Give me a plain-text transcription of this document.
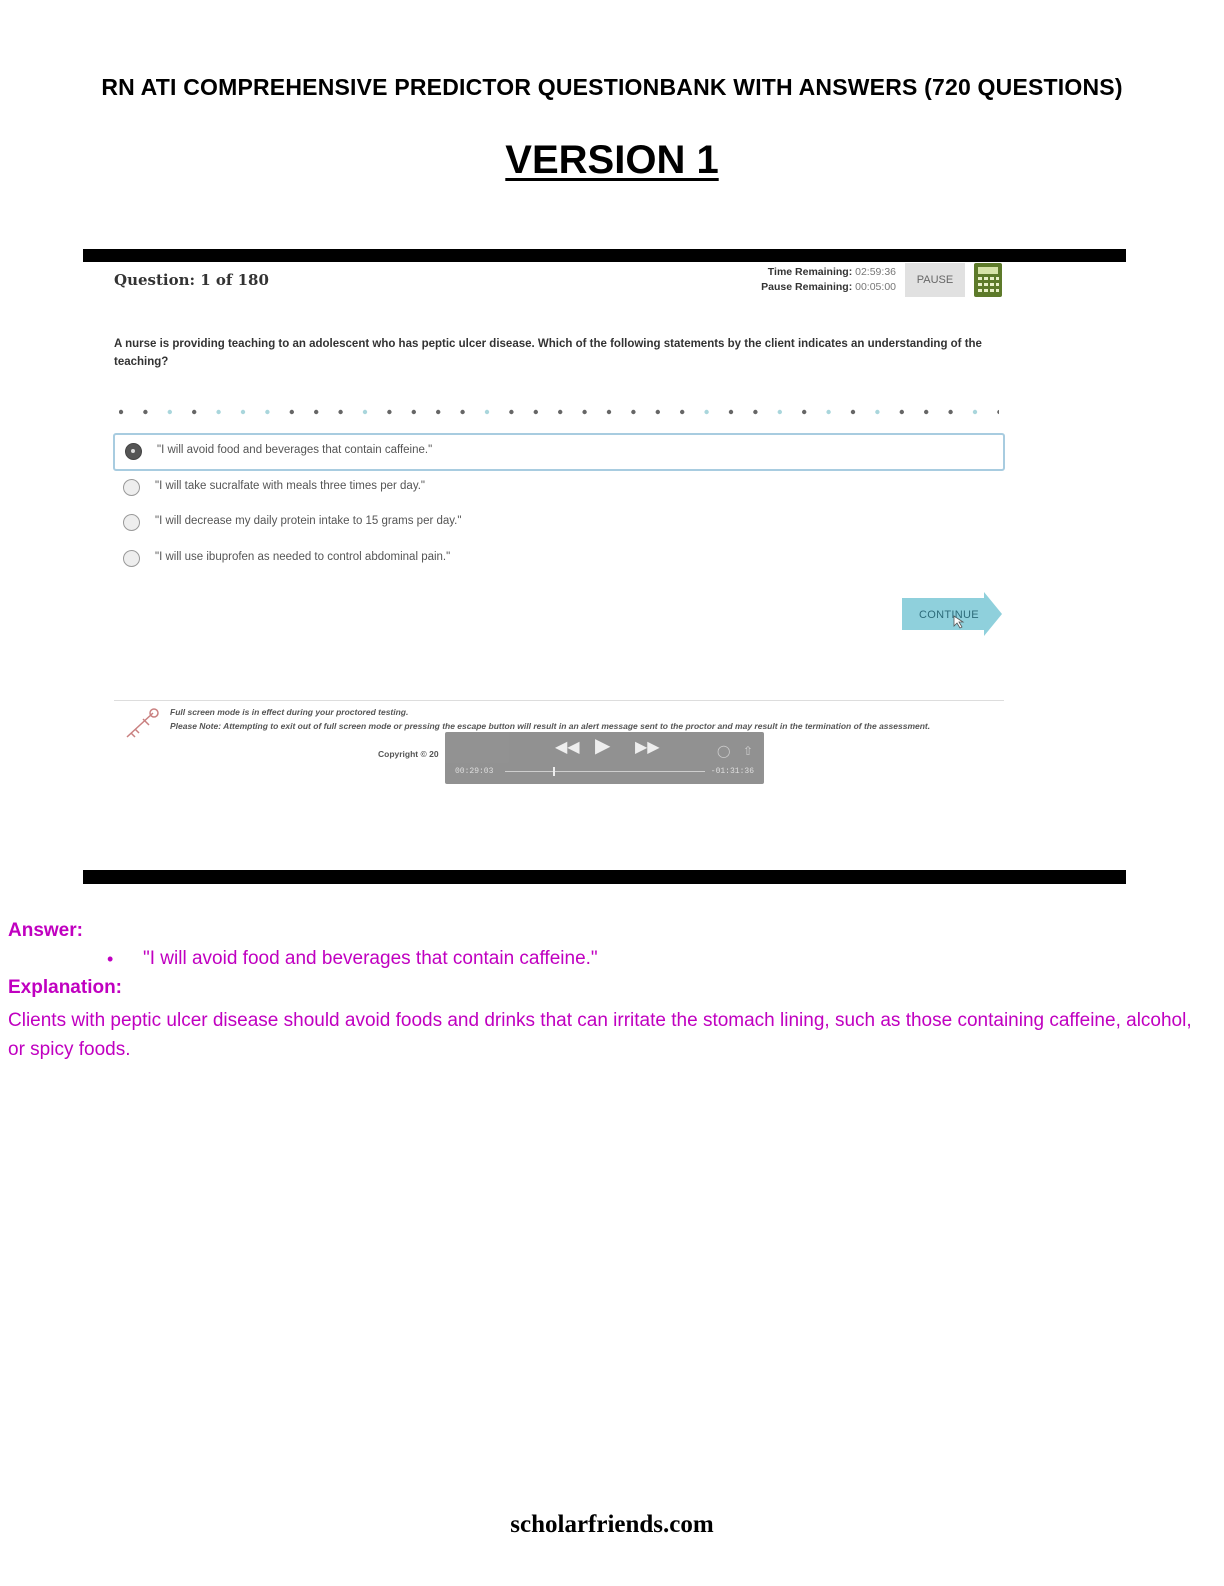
RN ATI COMPREHENSIVE PREDICTOR QUESTIONBANK WITH ANSWERS (720 QUESTIONS)
VERSION 1
Question: 1 of 180	Time Remaining: 02:59:36
Pause Remaining: 00:05:00
PAUSE
A nurse is providing teaching to an adolescent who has peptic ulcer disease. Which of the following statements by the client indicates an understanding of the teaching?
"I will avoid food and beverages that contain caffeine."
"I will take sucralfate with meals three times per day."
"I will decrease my daily protein intake to 15 grams per day."
"I will use ibuprofen as needed to control abdominal pain."
CONTINUE
Full screen mode is in effect during your proctored testing.
Please Note: Attempting to exit out of full screen mode or pressing the escape button will result in an alert message sent to the proctor and may result in the termination of the assessment.
Copyright © 20	◀◀ ▶ ▶▶	◯ ⇧
00:29:03	-01:31:36
Answer:
• "I will avoid food and beverages that contain caffeine."
Explanation:
Clients with peptic ulcer disease should avoid foods and drinks that can irritate the stomach lining, such as those containing caffeine, alcohol, or spicy foods.
scholarfriends.com
